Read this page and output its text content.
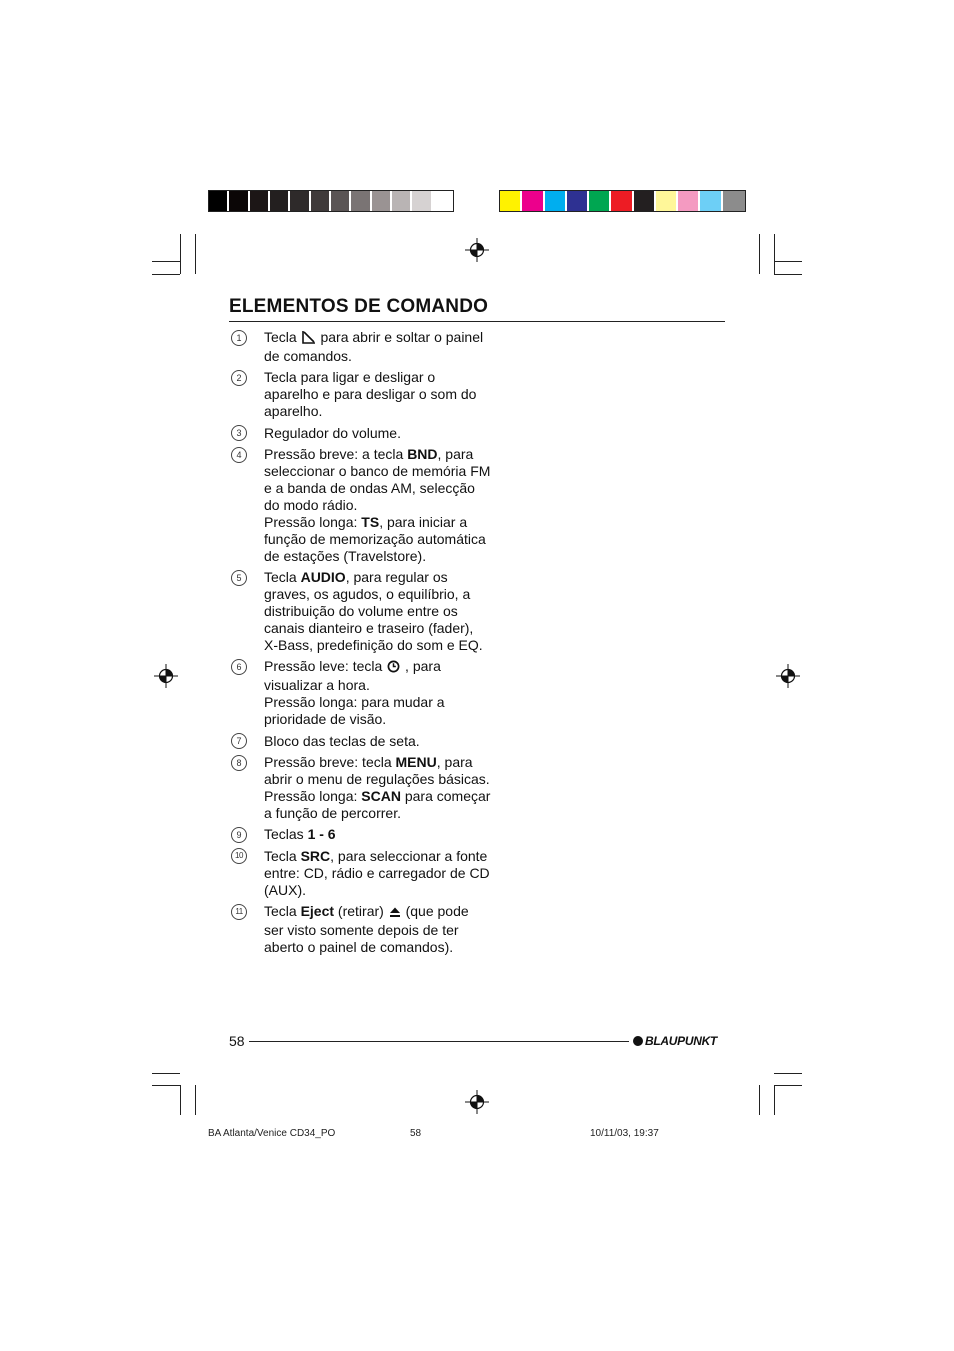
ELEMENTOS DE COMANDO
1	Tecla  para abrir e soltar o painel de comandos.
2	Tecla para ligar e desligar o aparelho e para desligar o som do aparelho.
3	Regulador do volume.
4	Pressão breve: a tecla BND, para seleccionar o banco de memória FM e a banda de ondas AM, selecção do modo rádio.
Pressão longa: TS, para iniciar a função de memorização automática de estações (Travelstore).
5	Tecla AUDIO, para regular os graves, os agudos, o equilíbrio, a distribuição do volume entre os canais dianteiro e traseiro (fader), X-Bass, predefinição do som e EQ.
6	Pressão leve: tecla  , para visualizar a hora.
Pressão longa: para mudar a prioridade de visão.
7	Bloco das teclas de seta.
8	Pressão breve: tecla MENU, para abrir o menu de regulações básicas.
Pressão longa: SCAN para começar a função de percorrer.
9	Teclas 1 - 6
10 Tecla SRC, para seleccionar a fonte entre: CD, rádio e carregador de CD (AUX).
11	Tecla Eject (retirar)  (que pode ser visto somente depois de ter aberto o painel de comandos).
58	BLAUPUNKT
BA Atlanta/Venice CD34_PO	58	10/11/03, 19:37
